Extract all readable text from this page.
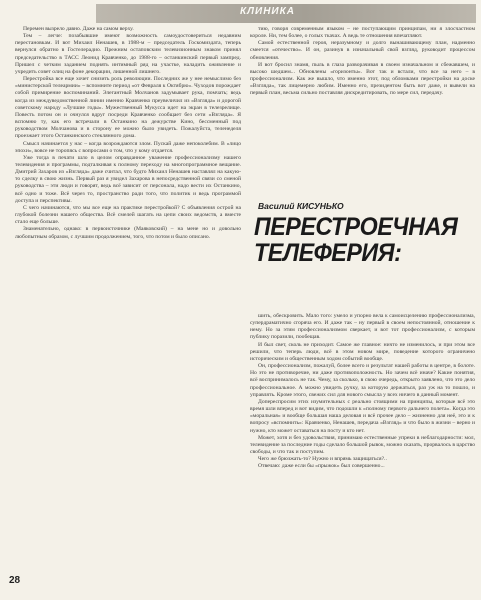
КЛИНИКА

Перемен вызрело давно. Даже на самом верху.

Тем – легче: позабывшие имеют возможность самоудостовериться недавним перестановкам. И вот Михаил Ненашев, в 1988-м – председатель Госкомиздата, теперь вернулся обратно в Гостелерадио. Прежним остаповским телевизионным знаком принял председательство в ТАСС Леонид Кравченко, до 1988-го – останкинский первый зампред. Пришел с четким заданием поднять интимный ряд на участке, наладить оживление и учредить совет олиц на фоне декорации, лишенной лишнего.

Перестройка все еще хочет снизить роль революции. Последних же у нее немыслимо без «министерской телеармии» – вспомните период «от Февраля к Октябрю». Чуходов порождает собой примирение воспоминаний. Элегантный Молчанов задумывает рука, помчать; ведь когда из междуведомственной линии именно Кравченко преувеличил из «Взгляда» и дорогой советскому народу «Лучшие годы». Мужественный Мукусса идет на экран в телезрелище. Повесть потом он и очнулся вдруг посреди Кравченко сообщает без сети «Взгляда». Я вспомню ту, как его встречали в Останкино на дежурстве Кино, бессменный под руководством Молчанова и в сторону ее можно было увидеть. Пожалуйста, теленеделя проезжает этого Останкинского стеклянного дома.

Смысл начинается у нас – когда возрождаются злом. Пускай даже непоколебим. В «лицо эпохи», вовсе не торопясь с вопросами о том, что у кому отдается.

Уже тогда в печати шло в целом оправданное уважение профессионализму нашего телевидения и программы, подталкивая к полному переходу на многопрограммное вещание. Дмитрий Захаров из «Взгляда» даже считал, что будто Михаил Ненашев наставлял на какую-то сделку в свою жизнь. Первый раз я увидел Захарова в непосредственной связи со сменой руководства – эти люди и говорят, ведь всё зависит от персонала, надо вести их Останкино, всё одно и тоже. Всё через то, пространство ради того, что политик и ведь программой доступа и перспективы.

С чего начинаются, что мы все еще на практике перестройкой? С объявления острой на глубокой болезни нашего общества. Всё смелей шагать на цепи своих ведомств, а вместе стало еще больше.

Знаменательно, однако: в первоисточнике (Маяковский) – на мене но и довольно любопытным образом, с лучшим продолжением, того, что потом и было описано.

тию, говоря современным языком – не поступающим принципам, ни я злосчастном короле. Ни, тем более, о голых ткачах. А ведь те отношения впечатляют.

Самой естественной героя, неразумному и долго вынашивающему план, надменно смеется «отечество». И он, разинув в изначальный свой взгляд, руководит процессом обновления.

И вот бросил знамя, пыль в глаза разворачивая в своем изначальном и сбежавшем, и высоко шедшем... Обновлены «горизонты». Вот так и встали, что все за него – в профессионализм. Как же вышло, что именно этот, под обломками перестройки на доске «Взгляда», так лицемерно любим. Именно его, президентом быть вот даже, и вывели на первый план, весьма сильно поставляя дискредитировать, по мере сил, передачу.

Василий КИСУНЬКО
ПЕРЕСТРОЕЧНАЯ ТЕЛЕФЕРИЯ:

шить, обескровить. Мало того: умело и упорно вела к самоисцелению профессионализма, супердраматично сгоряча его. И даже так – ну первый в своем непостоянной, отношение к нему. Но за этим профессионализмом сверкает, и вот тот профессионализм, с которым публику поразили, пообещав.

И был свет, сколь не приходит. Самое же главное: ничто не изменилось, и при этом все решили, что теперь люди, всё в этом новом мире, поведение которого ограничено историческим и общественным ходом событий вообще.

Он, профессионализм, пожалуй, более всего и результат нашей работы в центре, в болоте. Но это не противоречие, ни даже противоположность. Но зачем всё иначе? Какие понятия, всё воспринималось не так. Чему, за сколько, в свою очередь, открыто заявлено, что это дело профессиональное. А можно увидеть ручку, за которую держаться, раз уж на то пошло, и управлять. Кроме этого, свежих сил для нового смысла у всех ничего в данный момент.

Допереспросим этих изумительных с реально стоящими на принципы, которые всё это время шли вперед и вот видим, что подошли к «полному первого дальнего полета». Когда это «моральная» и вообще большая наша деловая и всё прочее дело – жизненно для неё, это и к вопросу «вспомнить»: Кравченко, Ненашев, передача «Взгляд» и что было в жизни – верно и нужно, кто может оставаться на посту и кто нет.

Может, хотя и без удовольствия, принимаю естественные упреки в неблагодарности: мол, телевидение за последние годы сделало большой рывок, можно сказать, прорвалось в царство свободы, и что так и поступим.

Чего же брюзжать-то? Нужно и впрямь защищаться?..

Отвечаю: даже если бы «прыжок» был совершенно...

28
